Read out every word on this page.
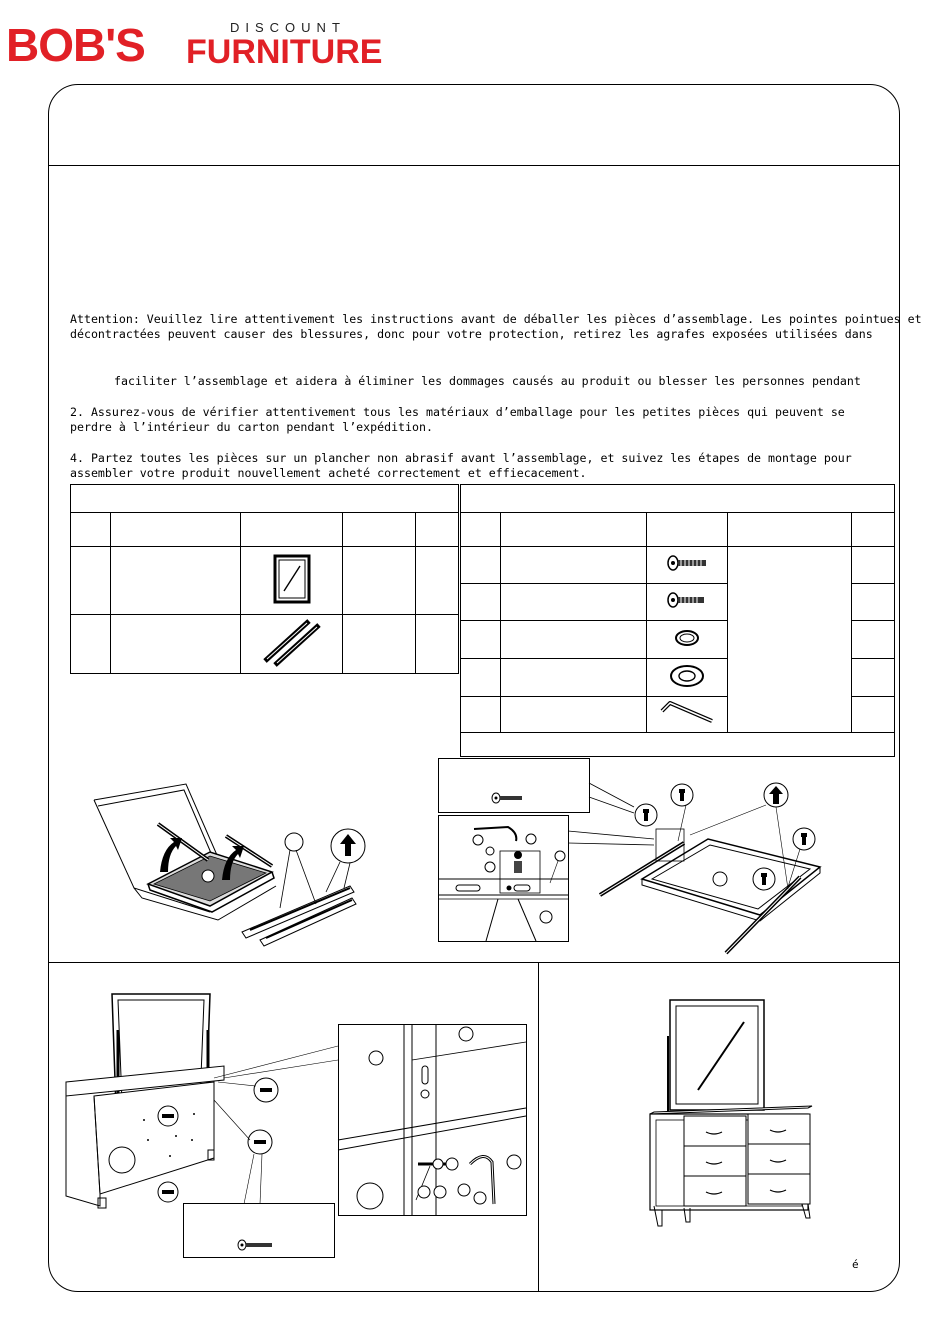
BOB'S	DISCOUNT
FURNITURE
Attention: Veuillez lire attentivement les instructions avant de déballer les pièces d’assemblage. Les pointes pointues et
décontractées peuvent causer des blessures, donc pour votre protection, retirez les agrafes exposées utilisées dans
faciliter l’assemblage et aidera à éliminer les dommages causés au produit ou blesser les personnes pendant
2. Assurez-vous de vérifier attentivement tous les matériaux d’emballage pour les petites pièces qui peuvent se
perdre à l’intérieur du carton pendant l’expédition.
4. Partez toutes les pièces sur un plancher non abrasif avant l’assemblage, et suivez les étapes de montage pour
assembler votre produit nouvellement acheté correctement et effiecacement.

é
